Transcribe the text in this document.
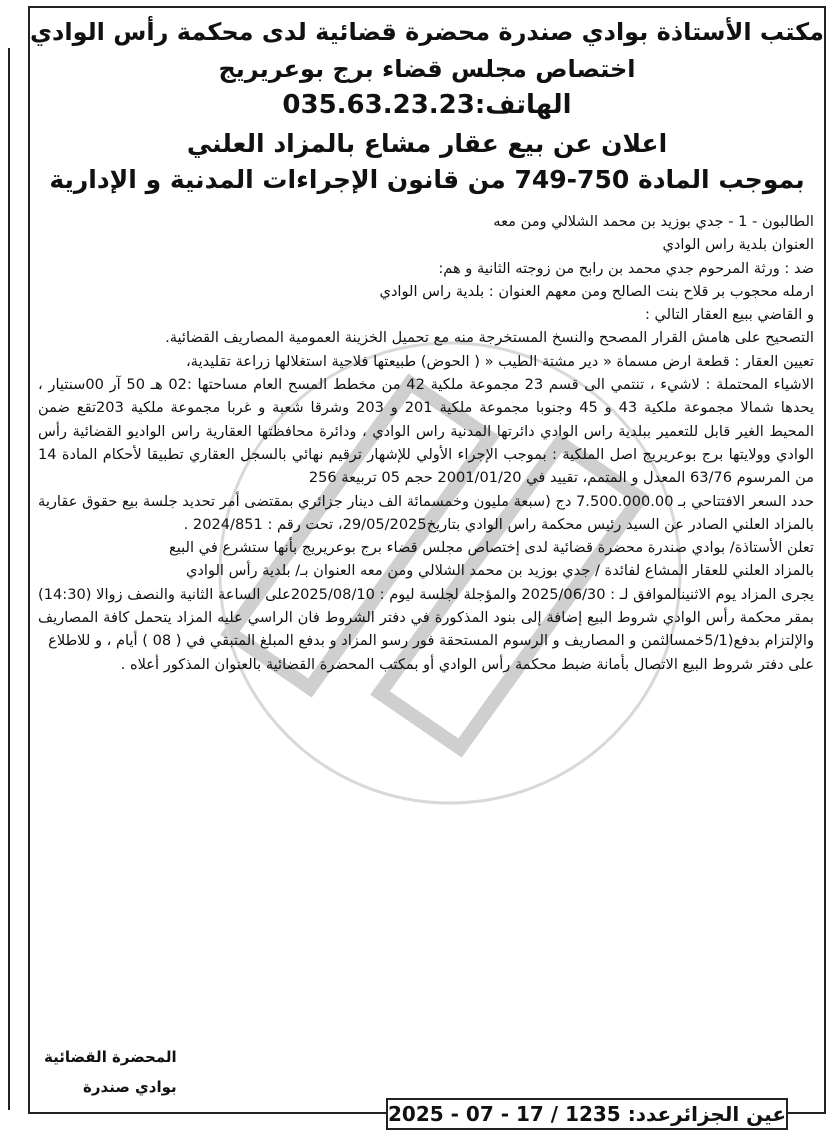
مكتب الأستاذة بوادي صندرة محضرة قضائية لدى محكمة رأس الوادي
اختصاص مجلس قضاء برج بوعريريج
الهاتف:035.63.23.23
اعلان عن بيع عقار مشاع بالمزاد العلني
بموجب المادة 750-749 من قانون الإجراءات المدنية و الإدارية

الطالبون - 1 - جدي بوزيد بن محمد الشلالي ومن معه

العنوان بلدية راس الوادي

ضد : ورثة المرحوم جدي محمد بن رابح من زوجته الثانية و هم:

ارمله محجوب بر قلاح بنت الصالح ومن معهم العنوان : بلدية راس الوادي

و القاضي ببيع العقار التالي :

التصحيح على هامش القرار المصحح والنسخ المستخرجة منه مع تحميل الخزينة العمومية المصاريف القضائية.

تعيين العقار : قطعة ارض مسماة « دير مشتة الطيب « ( الحوض) طبيعتها فلاحية استغلالها زراعة تقليدية،

الاشياء المحتملة : لاشيء ، تنتمي الى قسم 23 مجموعة ملكية 42 من مخطط المسح العام مساحتها :02 هـ 50 آر 00سنتيار ، يحدها شمالا مجموعة ملكية 43 و 45 وجنوبا مجموعة ملكية 201 و 203 وشرقا شعبة و غربا مجموعة ملكية 203تقع ضمن المحيط الغير قابل للتعمير ببلدية راس الوادي دائرتها المدنية راس الوادي ، ودائرة محافظتها العقارية راس الواديو القضائية رأس الوادي وولايتها برج بوعريريج اصل الملكية : بموجب الإجراء الأولي للإشهار ترقيم نهائي بالسجل العقاري تطبيقا لأحكام المادة 14 من المرسوم 63/76 المعدل و المتمم، تقييد في 2001/01/20 حجم 05 تربيعة 256

حدد السعر الافتتاحي بـ 7.500.000.00 دج (سبعة مليون وخمسمائة الف دينار جزائري بمقتضى أمر تحديد جلسة بيع حقوق عقارية بالمزاد العلني الصادر عن السيد رئيس محكمة راس الوادي بتاريخ29/05/2025، تحت رقم : 2024/851 .

تعلن الأستاذة/ بوادي صندرة محضرة قضائية لدى إختصاص مجلس قضاء برج بوعريريج بأنها ستشرع في البيع

بالمزاد العلني للعقار المشاع لفائدة / جدي بوزيد بن محمد الشلالي ومن معه العنوان بـ/ بلدية رأس الوادي

يجرى المزاد يوم الاثنينالموافق لـ : 2025/06/30 والمؤجلة لجلسة ليوم : 2025/08/10على الساعة الثانية والنصف زوالا (14:30) بمقر محكمة رأس الوادي شروط البيع إضافة إلى بنود المذكورة في دفتر الشروط فان الراسي عليه المزاد يتحمل كافة المصاريف والإلتزام بدفع(5/1خمسالثمن و المصاريف و الرسوم المستحقة فور رسو المزاد و بدفع المبلغ المتبقي في ( 08 ) أيام ، و للاطلاع

على دفتر شروط البيع الاتصال بأمانة ضبط محكمة رأس الوادي أو بمكتب المحضرة القضائية بالعنوان المذكور أعلاه .

المحضرة القضائية
بوادي صندرة
عين الجزائرعدد: 1235 / 17 - 07 - 2025
